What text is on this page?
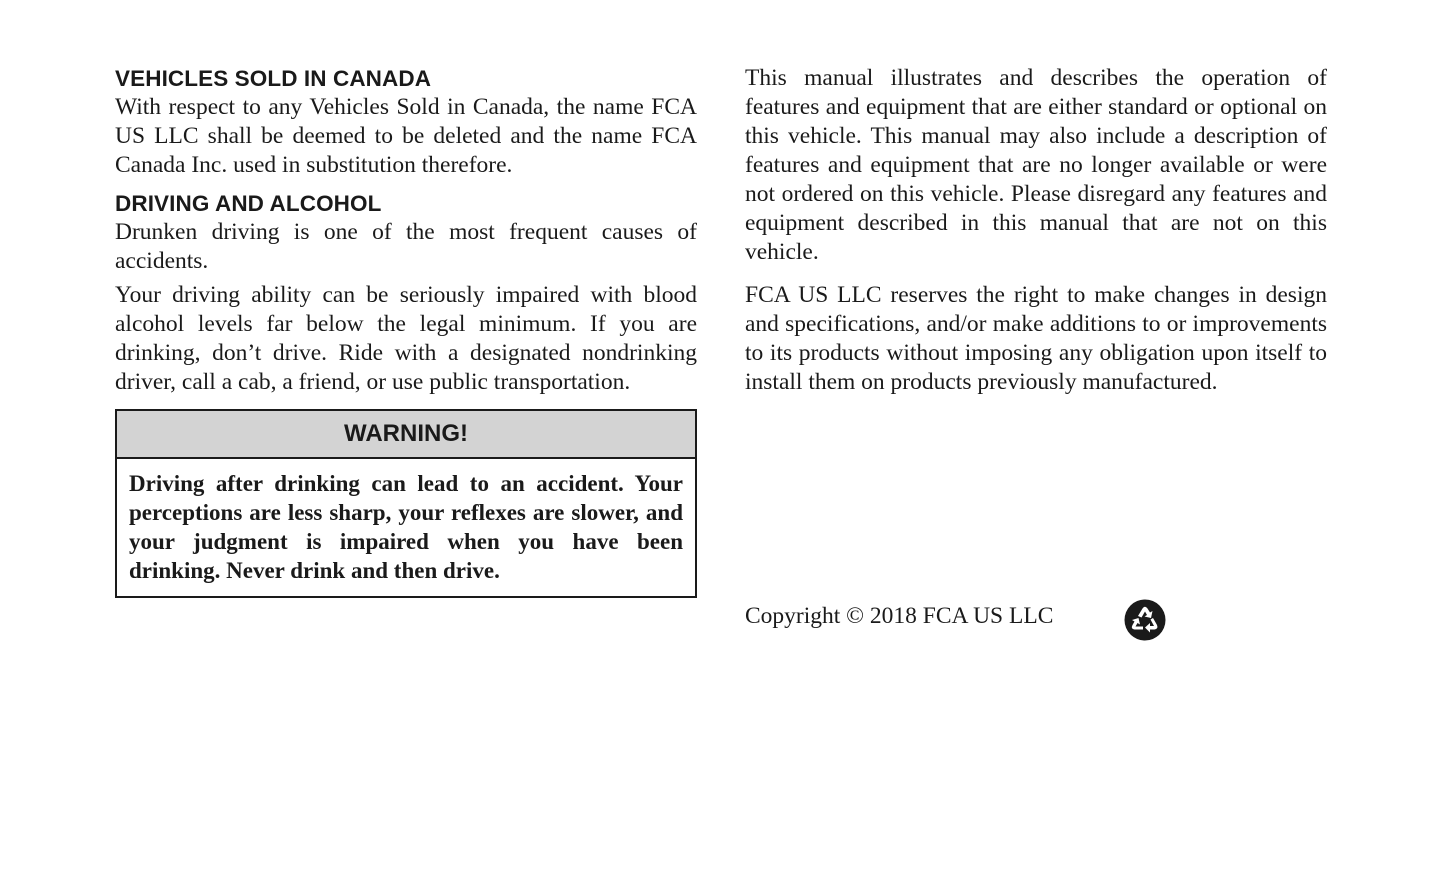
VEHICLES SOLD IN CANADA

With respect to any Vehicles Sold in Canada, the name FCA US LLC shall be deemed to be deleted and the name FCA Canada Inc. used in substitution therefore.

DRIVING AND ALCOHOL

Drunken driving is one of the most frequent causes of accidents.

Your driving ability can be seriously impaired with blood alcohol levels far below the legal minimum. If you are drinking, don’t drive. Ride with a designated nondrinking driver, call a cab, a friend, or use public transportation.

WARNING!

Driving after drinking can lead to an accident. Your perceptions are less sharp, your reflexes are slower, and your judgment is impaired when you have been drinking. Never drink and then drive.

This manual illustrates and describes the operation of features and equipment that are either standard or optional on this vehicle. This manual may also include a description of features and equipment that are no longer available or were not ordered on this vehicle. Please disregard any features and equipment described in this manual that are not on this vehicle.

FCA US LLC reserves the right to make changes in design and specifications, and/or make additions to or improvements to its products without imposing any obligation upon itself to install them on products previously manufactured.

Copyright © 2018 FCA US LLC
